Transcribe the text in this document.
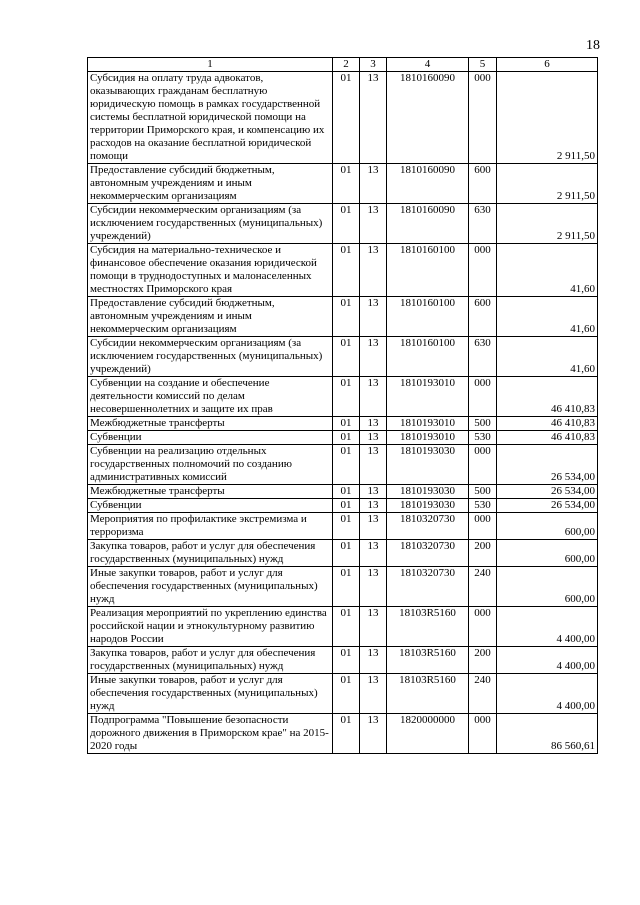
18
1	2	3	4	5	6
Субсидия на оплату труда адвокатов, оказывающих гражданам бесплатную юридическую помощь в рамках государственной системы бесплатной юридической помощи на территории Приморского края, и компенсацию их расходов на оказание бесплатной юридической помощи	01	13	1810160090	000	2 911,50
Предоставление субсидий бюджетным, автономным учреждениям и иным некоммерческим организациям	01	13	1810160090	600	2 911,50
Субсидии некоммерческим организациям (за исключением государственных (муниципальных) учреждений)	01	13	1810160090	630	2 911,50
Субсидия на материально-техническое и финансовое обеспечение оказания юридической помощи в труднодоступных и малонаселенных местностях Приморского края	01	13	1810160100	000	41,60
Предоставление субсидий бюджетным, автономным учреждениям и иным некоммерческим организациям	01	13	1810160100	600	41,60
Субсидии некоммерческим организациям (за исключением государственных (муниципальных) учреждений)	01	13	1810160100	630	41,60
Субвенции на создание и обеспечение деятельности комиссий по делам несовершеннолетних и защите их прав	01	13	1810193010	000	46 410,83
Межбюджетные трансферты	01	13	1810193010	500	46 410,83
Субвенции	01	13	1810193010	530	46 410,83
Субвенции на реализацию отдельных государственных полномочий по созданию административных комиссий	01	13	1810193030	000	26 534,00
Межбюджетные трансферты	01	13	1810193030	500	26 534,00
Субвенции	01	13	1810193030	530	26 534,00
Мероприятия по профилактике экстремизма и терроризма	01	13	1810320730	000	600,00
Закупка товаров, работ и услуг для обеспечения государственных (муниципальных) нужд	01	13	1810320730	200	600,00
Иные закупки товаров, работ и услуг для обеспечения государственных (муниципальных) нужд	01	13	1810320730	240	600,00
Реализация мероприятий по укреплению единства российской нации и этнокультурному развитию народов России	01	13	18103R5160	000	4 400,00
Закупка товаров, работ и услуг для обеспечения государственных (муниципальных) нужд	01	13	18103R5160	200	4 400,00
Иные закупки товаров, работ и услуг для обеспечения государственных (муниципальных) нужд	01	13	18103R5160	240	4 400,00
Подпрограмма "Повышение безопасности дорожного движения в Приморском крае" на 2015-2020 годы	01	13	1820000000	000	86 560,61
